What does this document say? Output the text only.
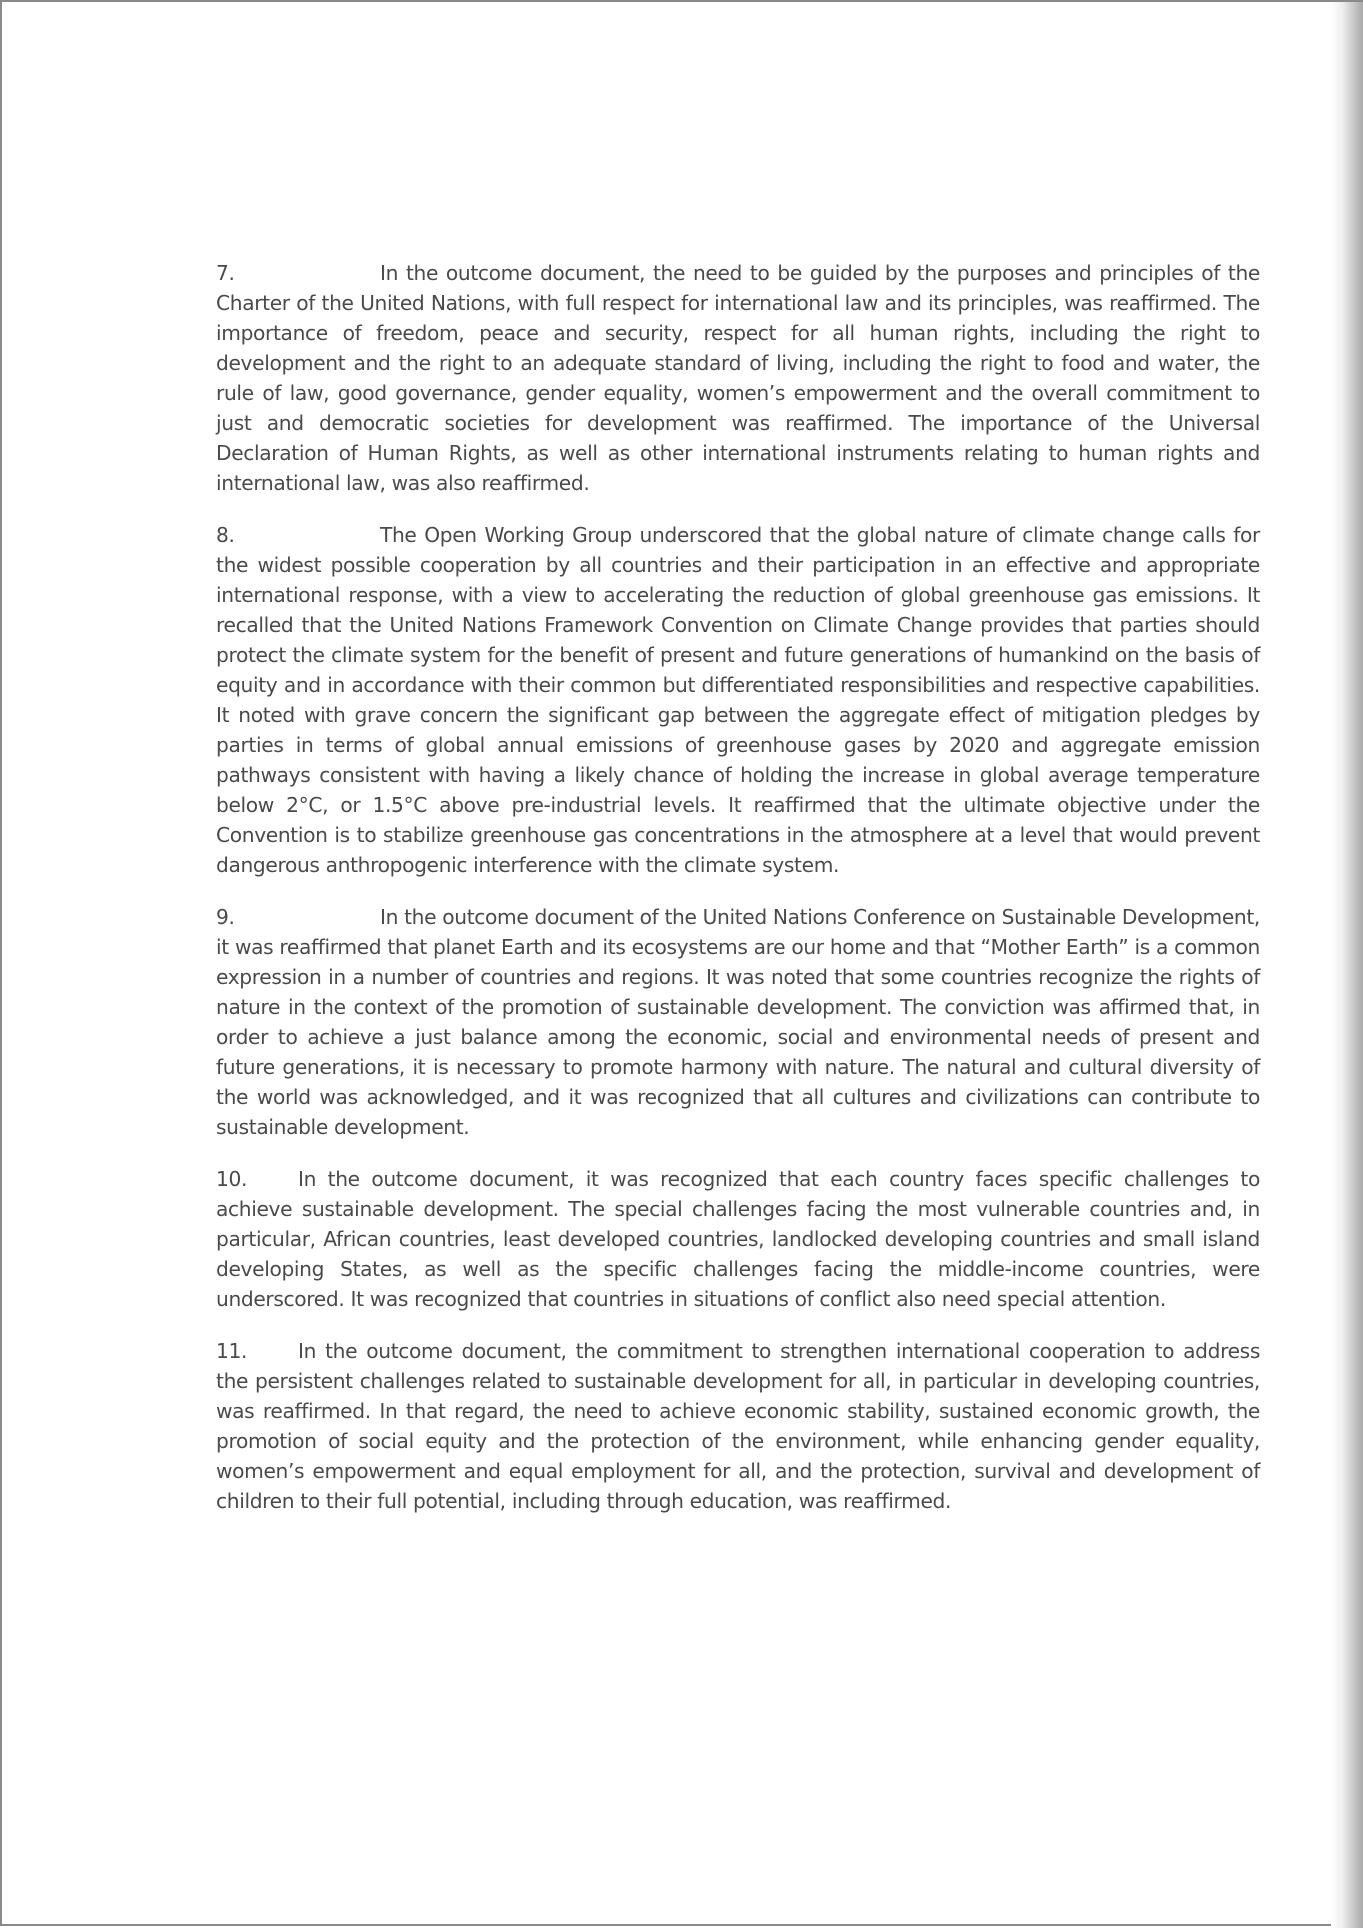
7.	In the outcome document, the need to be guided by the purposes and principles of the Charter of the United Nations, with full respect for international law and its principles, was reaffirmed. The importance of freedom, peace and security, respect for all human rights, including the right to development and the right to an adequate standard of living, including the right to food and water, the rule of law, good governance, gender equality, women’s empowerment and the overall commitment to just and democratic societies for development was reaffirmed. The importance of the Universal Declaration of Human Rights, as well as other international instruments relating to human rights and international law, was also reaffirmed.

8.	The Open Working Group underscored that the global nature of climate change calls for the widest possible cooperation by all countries and their participation in an effective and appropriate international response, with a view to accelerating the reduction of global greenhouse gas emissions. It recalled that the United Nations Framework Convention on Climate Change provides that parties should protect the climate system for the benefit of present and future generations of humankind on the basis of equity and in accordance with their common but differentiated responsibilities and respective capabilities. It noted with grave concern the significant gap between the aggregate effect of mitigation pledges by parties in terms of global annual emissions of greenhouse gases by 2020 and aggregate emission pathways consistent with having a likely chance of holding the increase in global average temperature below 2°C, or 1.5°C above pre-industrial levels. It reaffirmed that the ultimate objective under the Convention is to stabilize greenhouse gas concentrations in the atmosphere at a level that would prevent dangerous anthropogenic interference with the climate system.

9.	In the outcome document of the United Nations Conference on Sustainable Development, it was reaffirmed that planet Earth and its ecosystems are our home and that “Mother Earth” is a common expression in a number of countries and regions. It was noted that some countries recognize the rights of nature in the context of the promotion of sustainable development. The conviction was affirmed that, in order to achieve a just balance among the economic, social and environmental needs of present and future generations, it is necessary to promote harmony with nature. The natural and cultural diversity of the world was acknowledged, and it was recognized that all cultures and civilizations can contribute to sustainable development.

10.	In the outcome document, it was recognized that each country faces specific challenges to achieve sustainable development. The special challenges facing the most vulnerable countries and, in particular, African countries, least developed countries, landlocked developing countries and small island developing States, as well as the specific challenges facing the middle-income countries, were underscored. It was recognized that countries in situations of conflict also need special attention.

11.	In the outcome document, the commitment to strengthen international cooperation to address the persistent challenges related to sustainable development for all, in particular in developing countries, was reaffirmed. In that regard, the need to achieve economic stability, sustained economic growth, the promotion of social equity and the protection of the environment, while enhancing gender equality, women’s empowerment and equal employment for all, and the protection, survival and development of children to their full potential, including through education, was reaffirmed.
